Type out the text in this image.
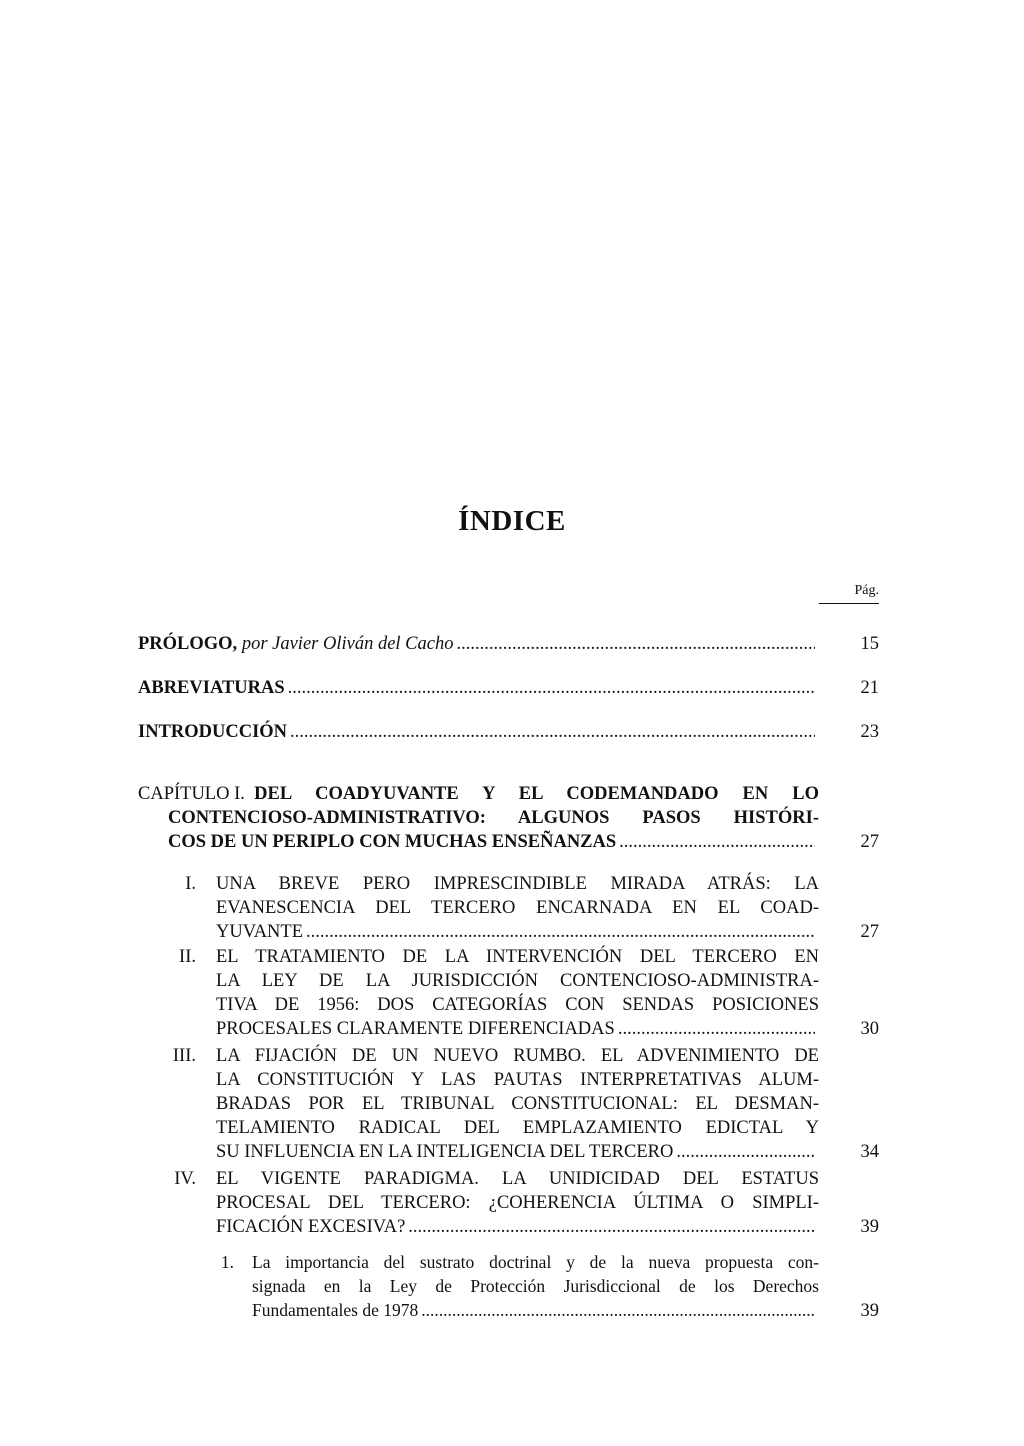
ÍNDICE
Pág.
PRÓLOGO,
por Javier Oliván del Cacho .....	15
ABREVIATURAS .....	21
INTRODUCCIÓN .....	23
CAPÍTULO I.
DEL COADYUVANTE Y EL CODEMANDADO EN LO
CONTENCIOSO-ADMINISTRATIVO: ALGUNOS PASOS HISTÓRI-
COS DE UN PERIPLO CON MUCHAS ENSEÑANZAS .....	27
I. UNA BREVE PERO IMPRESCINDIBLE MIRADA ATRÁS: LA
EVANESCENCIA DEL TERCERO ENCARNADA EN EL COAD-
YUVANTE .....	27
II. EL TRATAMIENTO DE LA INTERVENCIÓN DEL TERCERO EN
LA LEY DE LA JURISDICCIÓN CONTENCIOSO-ADMINISTRA-
TIVA DE 1956: DOS CATEGORÍAS CON SENDAS POSICIONES
PROCESALES CLARAMENTE DIFERENCIADAS .....	30
III. LA FIJACIÓN DE UN NUEVO RUMBO. EL ADVENIMIENTO DE
LA CONSTITUCIÓN Y LAS PAUTAS INTERPRETATIVAS ALUM-
BRADAS POR EL TRIBUNAL CONSTITUCIONAL: EL DESMAN-
TELAMIENTO RADICAL DEL EMPLAZAMIENTO EDICTAL Y
SU INFLUENCIA EN LA INTELIGENCIA DEL TERCERO .....	34
IV. EL VIGENTE PARADIGMA. LA UNIDICIDAD DEL ESTATUS
PROCESAL DEL TERCERO: ¿COHERENCIA ÚLTIMA O SIMPLI-
FICACIÓN EXCESIVA? .....	39
1. La importancia del sustrato doctrinal y de la nueva propuesta con-
signada en la Ley de Protección Jurisdiccional de los Derechos
Fundamentales de 1978 .....	39
